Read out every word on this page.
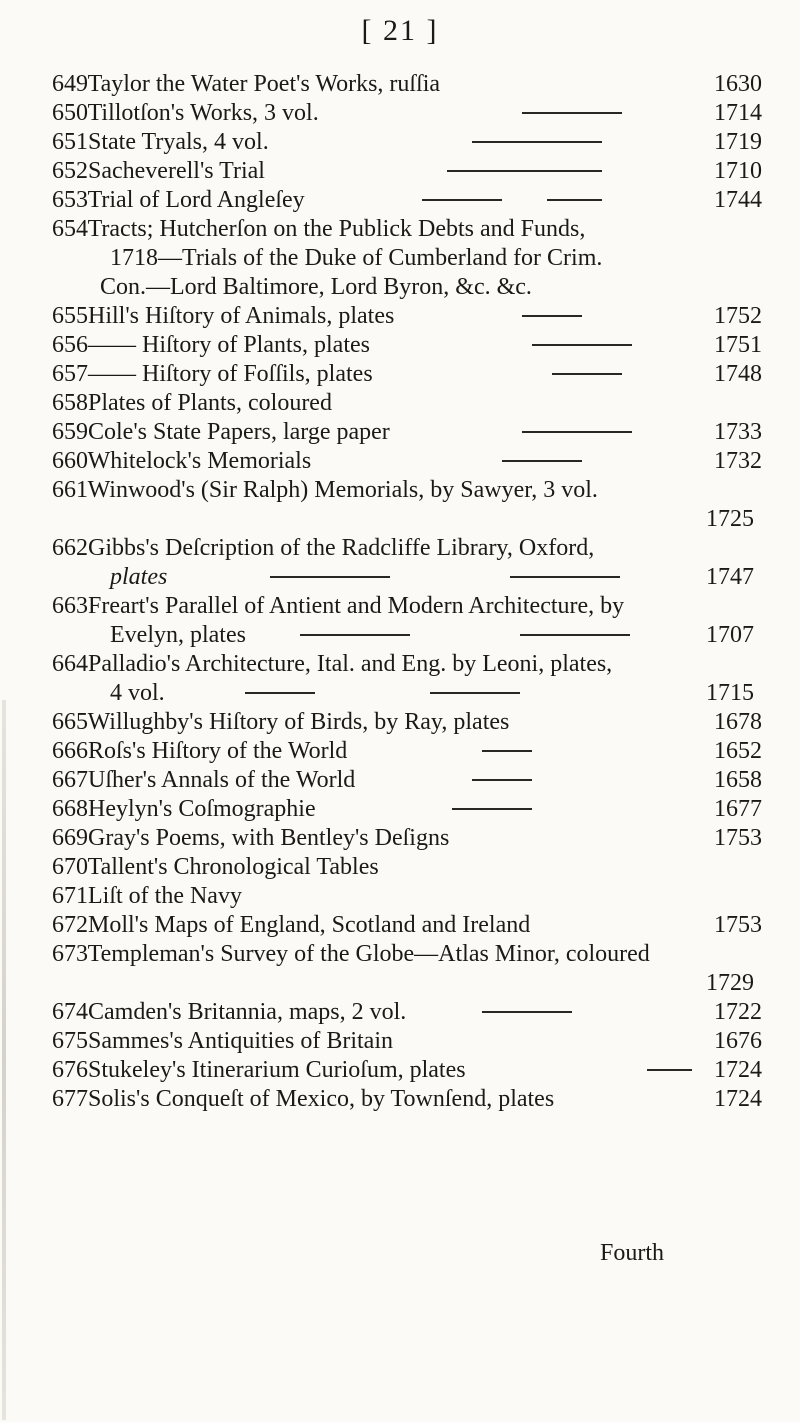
[ 21 ]
649 Taylor the Water Poet's Works, ruſſia	1630
650 Tillotſon's Works, 3 vol.	1714
651 State Tryals, 4 vol.	1719
652 Sacheverell's Trial	1710
653 Trial of Lord Angleſey	1744
654 Tracts; Hutcherſon on the Publick Debts and Funds,
1718—Trials of the Duke of Cumberland for Crim.
Con.—Lord Baltimore, Lord Byron, &c. &c.
655 Hill's Hiſtory of Animals, plates	1752
656 —— Hiſtory of Plants, plates	1751
657 —— Hiſtory of Foſſils, plates	1748
658 Plates of Plants, coloured
659 Cole's State Papers, large paper	1733
660 Whitelock's Memorials	1732
661 Winwood's (Sir Ralph) Memorials, by Sawyer, 3 vol.
1725
662 Gibbs's Deſcription of the Radcliffe Library, Oxford,
plates	1747
663 Freart's Parallel of Antient and Modern Architecture, by
Evelyn, plates	1707
664 Palladio's Architecture, Ital. and Eng. by Leoni, plates,
4 vol.	1715
665 Willughby's Hiſtory of Birds, by Ray, plates	1678
666 Roſs's Hiſtory of the World	1652
667 Uſher's Annals of the World	1658
668 Heylyn's Coſmographie	1677
669 Gray's Poems, with Bentley's Deſigns	1753
670 Tallent's Chronological Tables
671 Liſt of the Navy
672 Moll's Maps of England, Scotland and Ireland	1753
673 Templeman's Survey of the Globe—Atlas Minor, coloured
1729
674 Camden's Britannia, maps, 2 vol.	1722
675 Sammes's Antiquities of Britain	1676
676 Stukeley's Itinerarium Curioſum, plates	1724
677 Solis's Conqueſt of Mexico, by Townſend, plates	1724
Fourth
